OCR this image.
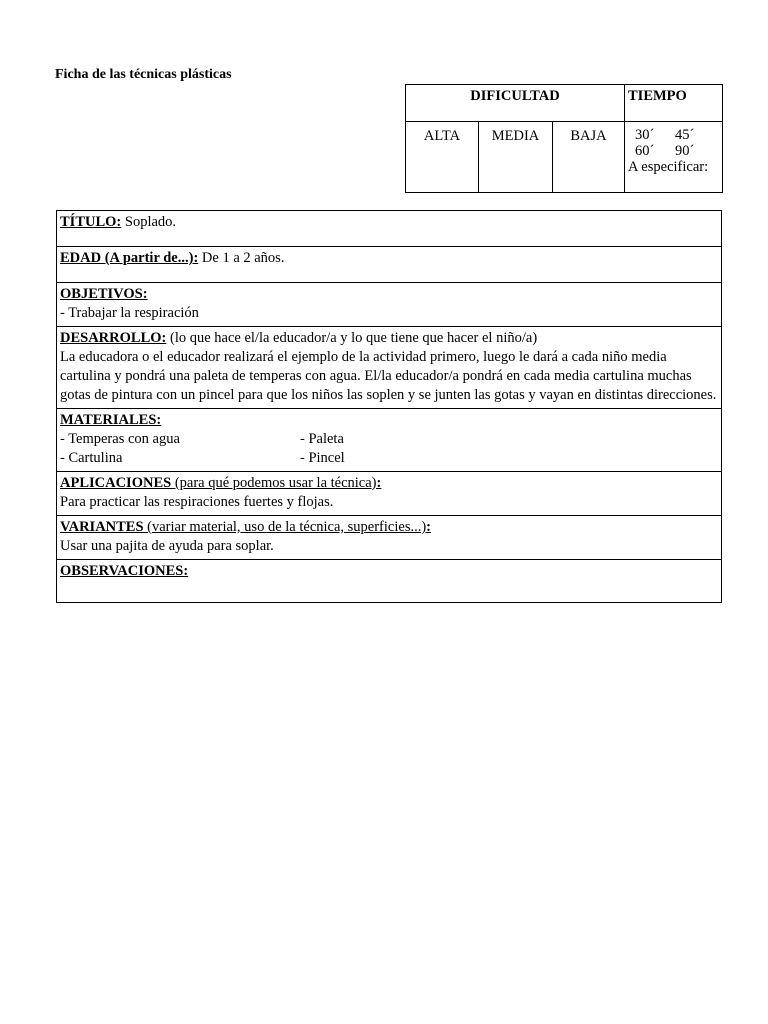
Ficha de las técnicas plásticas
DIFICULTAD			TIEMPO
ALTA	MEDIA	BAJA	30´ 45´
60´ 90´
A especificar:
TÍTULO: Soplado.
EDAD (A partir de...): De 1 a 2 años.

OBJETIVOS:
- Trabajar la respiración

DESARROLLO: (lo que hace el/la educador/a y lo que tiene que hacer el niño/a)
La educadora o el educador realizará el ejemplo de la actividad primero, luego le dará a cada niño media cartulina y pondrá una paleta de temperas con agua. El/la educador/a pondrá en cada media cartulina muchas gotas de pintura con un pincel para que los niños las soplen y se junten las gotas y vayan en distintas direcciones.

MATERIALES:
- Temperas con agua	- Paleta
- Cartulina	- Pincel

APLICACIONES (para qué podemos usar la técnica):
Para practicar las respiraciones fuertes y flojas.

VARIANTES (variar material, uso de la técnica, superficies...):
Usar una pajita de ayuda para soplar.

OBSERVACIONES:
